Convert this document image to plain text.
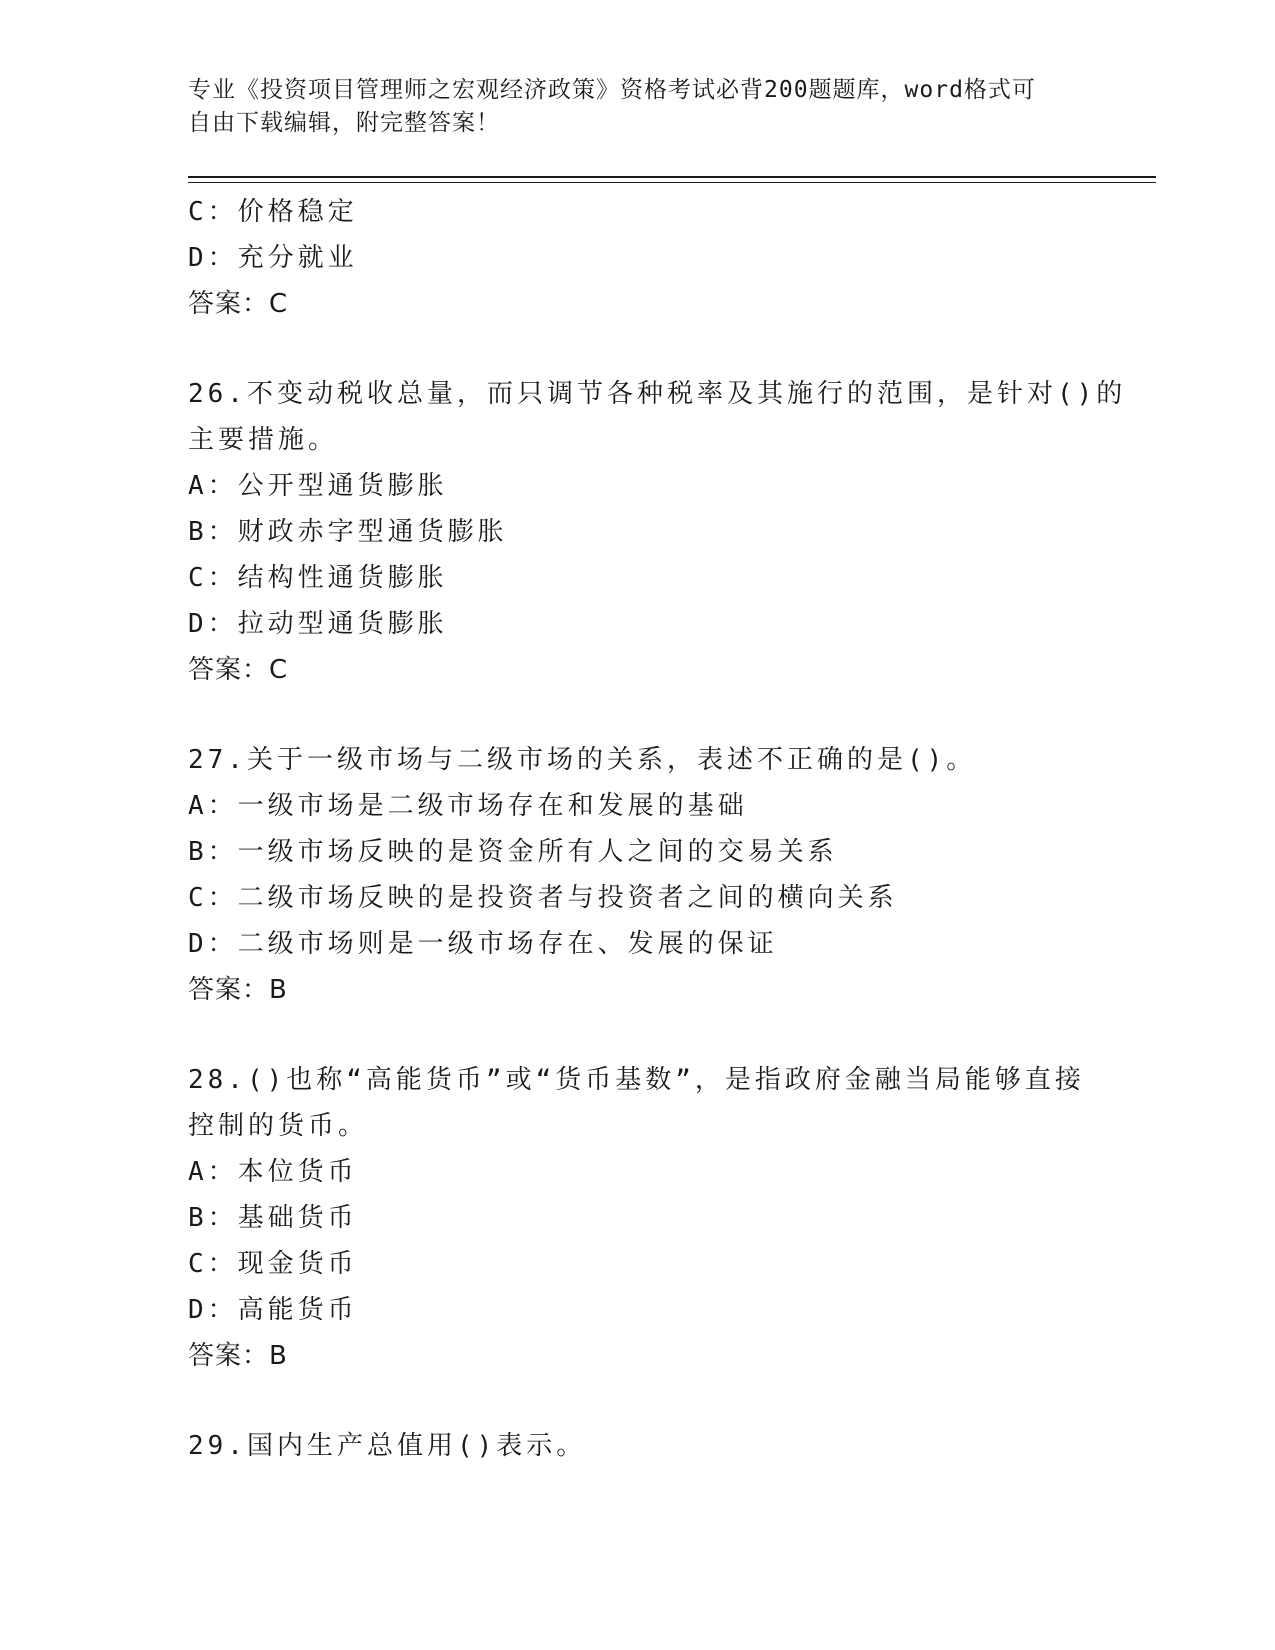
专业《投资项目管理师之宏观经济政策》资格考试必背200题题库，word格式可
自由下载编辑，附完整答案！
C：价格稳定
D：充分就业
答案：C
26.不变动税收总量，而只调节各种税率及其施行的范围，是针对()的
主要措施。
A：公开型通货膨胀
B：财政赤字型通货膨胀
C：结构性通货膨胀
D：拉动型通货膨胀
答案：C
27.关于一级市场与二级市场的关系，表述不正确的是()。
A：一级市场是二级市场存在和发展的基础
B：一级市场反映的是资金所有人之间的交易关系
C：二级市场反映的是投资者与投资者之间的横向关系
D：二级市场则是一级市场存在、发展的保证
答案：B
28.()也称“高能货币”或“货币基数”，是指政府金融当局能够直接
控制的货币。
A：本位货币
B：基础货币
C：现金货币
D：高能货币
答案：B
29.国内生产总值用()表示。
